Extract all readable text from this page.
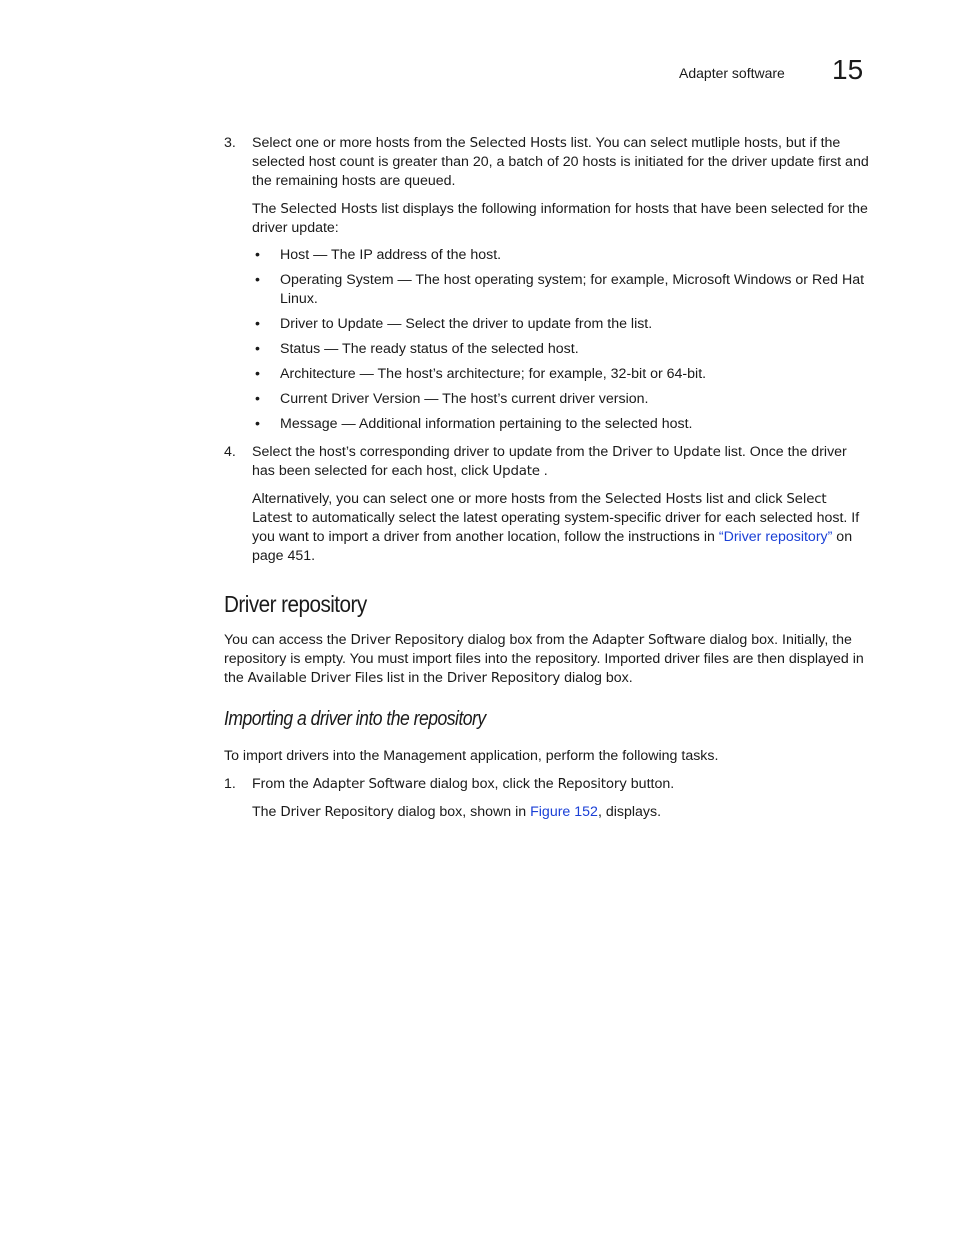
Adapter software 15
3. Select one or more hosts from the Selected Hosts list. You can select mutliple hosts, but if the selected host count is greater than 20, a batch of 20 hosts is initiated for the driver update first and the remaining hosts are queued.

The Selected Hosts list displays the following information for hosts that have been selected for the driver update:

• Host — The IP address of the host.
• Operating System — The host operating system; for example, Microsoft Windows or Red Hat Linux.
• Driver to Update — Select the driver to update from the list.
• Status — The ready status of the selected host.
• Architecture — The host’s architecture; for example, 32-bit or 64-bit.
• Current Driver Version — The host’s current driver version.
• Message — Additional information pertaining to the selected host.
4. Select the host’s corresponding driver to update from the Driver to Update list. Once the driver has been selected for each host, click Update .

Alternatively, you can select one or more hosts from the Selected Hosts list and click Select Latest to automatically select the latest operating system-specific driver for each selected host. If you want to import a driver from another location, follow the instructions in “Driver repository” on page 451.

Driver repository

You can access the Driver Repository dialog box from the Adapter Software dialog box. Initially, the repository is empty. You must import files into the repository. Imported driver files are then displayed in the Available Driver Files list in the Driver Repository dialog box.

Importing a driver into the repository

To import drivers into the Management application, perform the following tasks.

1. From the Adapter Software dialog box, click the Repository button.

The Driver Repository dialog box, shown in Figure 152, displays.
